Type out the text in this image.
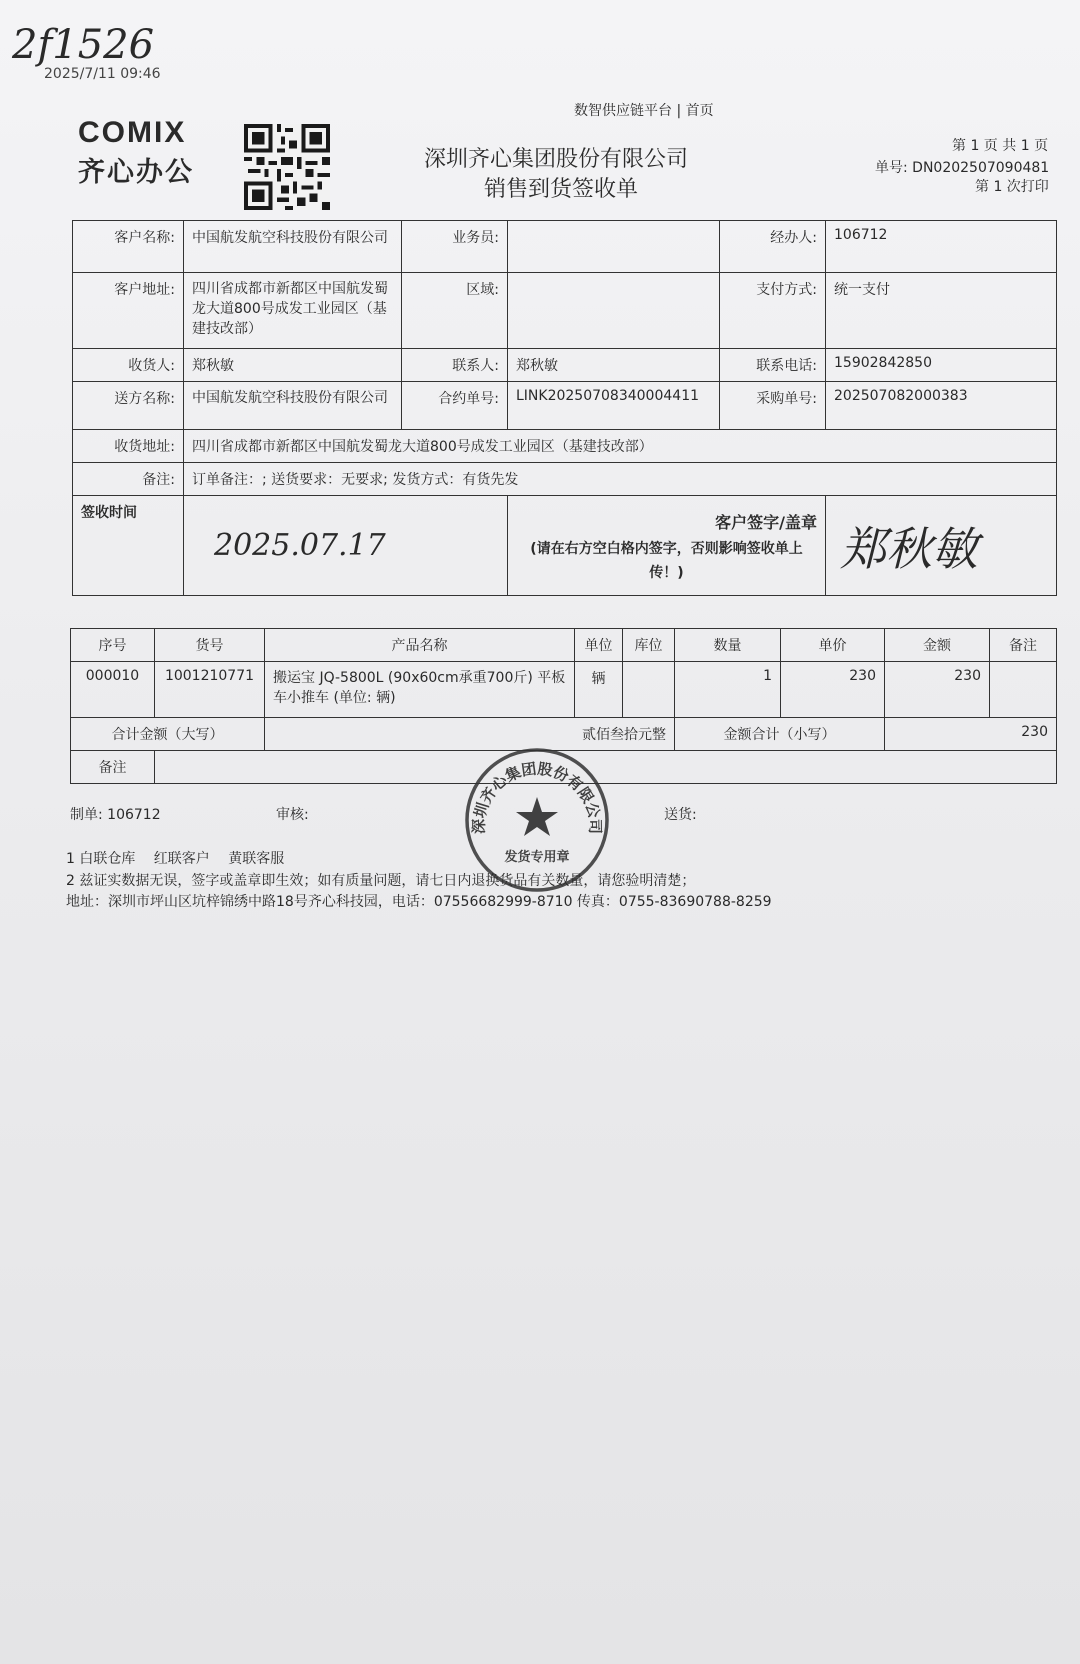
2f1526
2025/7/11 09:46
COMIX
齐心办公
数智供应链平台 | 首页
深圳齐心集团股份有限公司
销售到货签收单
第 1 页 共 1 页
单号: DN0202507090481
第 1 次打印
客户名称:	中国航发航空科技股份有限公司	业务员:		经办人:	106712
客户地址:	四川省成都市新都区中国航发蜀龙大道800号成发工业园区（基建技改部）	区域:		支付方式:	统一支付
收货人:	郑秋敏	联系人:	郑秋敏	联系电话:	15902842850
送方名称:	中国航发航空科技股份有限公司	合约单号:	LINK20250708340004411	采购单号:	202507082000383
收货地址:	四川省成都市新都区中国航发蜀龙大道800号成发工业园区（基建技改部）				
备注:	订单备注：; 送货要求：无要求; 发货方式：有货先发				
签收时间	2025.07.17		客户签字/盖章
(请在右方空白格内签字，否则影响签收单上传！)		郑秋敏
序号	货号	产品名称	单位	库位	数量	单价	金额	备注
000010	1001210771	搬运宝 JQ-5800L (90x60cm承重700斤) 平板车小推车 (单位: 辆)	辆		1	230	230	
合计金额（大写）		贰佰叁拾元整			金额合计（小写）		230	
备注								
深圳齐心集团股份有限公司
发货专用章
制单: 106712	审核:	送货:
1 白联仓库　 红联客户　 黄联客服
2 兹证实数据无误，签字或盖章即生效；如有质量问题，请七日内退换货品有关数量，请您验明清楚；
地址：深圳市坪山区坑梓锦绣中路18号齐心科技园，电话：07556682999-8710 传真：0755-83690788-8259
